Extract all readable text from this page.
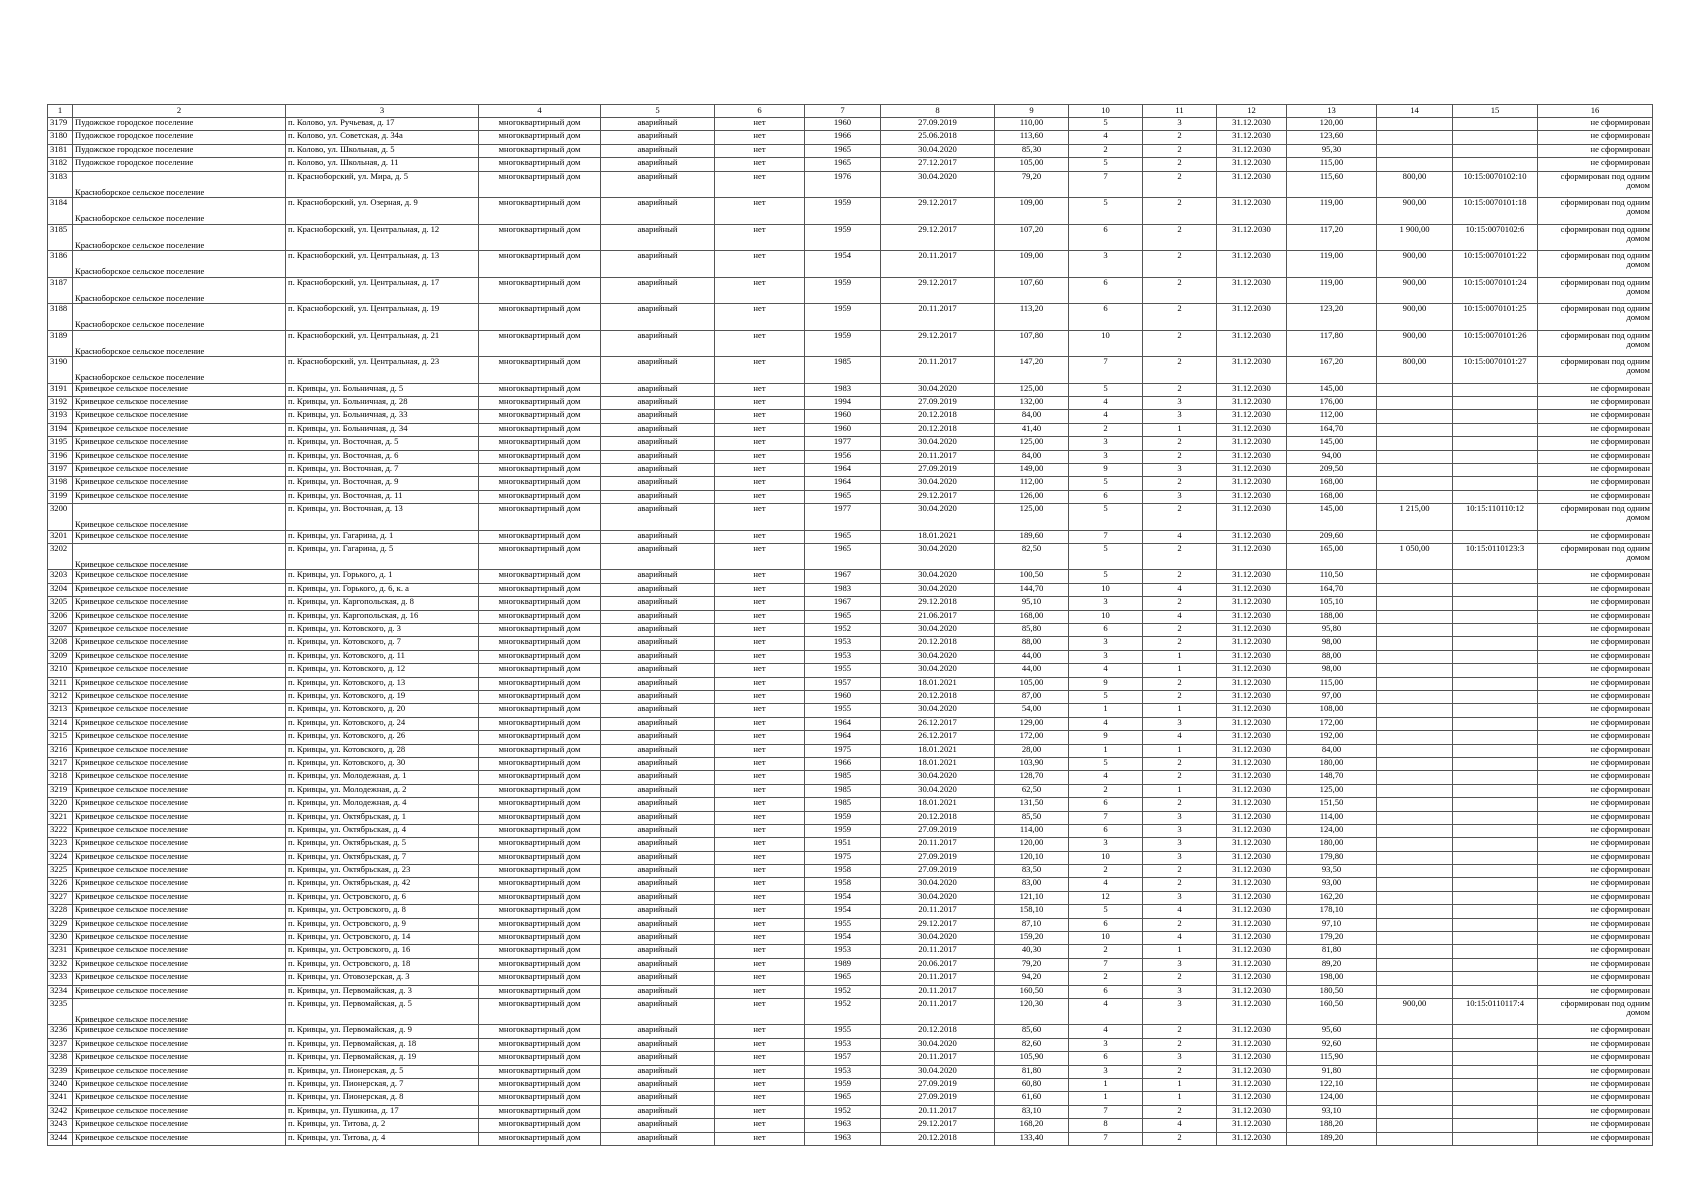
1	2	3	4	5	6	7	8	9	10	11	12	13	14	15	16
3179	Пудожское городское поселение	п. Колово, ул. Ручьевая, д. 17	многоквартирный дом	аварийный	нет	1960	27.09.2019	110,00	5	3	31.12.2030	120,00			не сформирован
3180	Пудожское городское поселение	п. Колово, ул. Советская, д. 34а	многоквартирный дом	аварийный	нет	1966	25.06.2018	113,60	4	2	31.12.2030	123,60			не сформирован
3181	Пудожское городское поселение	п. Колово, ул. Школьная, д. 5	многоквартирный дом	аварийный	нет	1965	30.04.2020	85,30	2	2	31.12.2030	95,30			не сформирован
3182	Пудожское городское поселение	п. Колово, ул. Школьная, д. 11	многоквартирный дом	аварийный	нет	1965	27.12.2017	105,00	5	2	31.12.2030	115,00			не сформирован
3183	Красноборское сельское поселение	п. Красноборский, ул. Мира, д. 5	многоквартирный дом	аварийный	нет	1976	30.04.2020	79,20	7	2	31.12.2030	115,60	800,00	10:15:0070102:10	сформирован под одним домом
3184	Красноборское сельское поселение	п. Красноборский, ул. Озерная, д. 9	многоквартирный дом	аварийный	нет	1959	29.12.2017	109,00	5	2	31.12.2030	119,00	900,00	10:15:0070101:18	сформирован под одним домом
3185	Красноборское сельское поселение	п. Красноборский, ул. Центральная, д. 12	многоквартирный дом	аварийный	нет	1959	29.12.2017	107,20	6	2	31.12.2030	117,20	1 900,00	10:15:0070102:6	сформирован под одним домом
3186	Красноборское сельское поселение	п. Красноборский, ул. Центральная, д. 13	многоквартирный дом	аварийный	нет	1954	20.11.2017	109,00	3	2	31.12.2030	119,00	900,00	10:15:0070101:22	сформирован под одним домом
3187	Красноборское сельское поселение	п. Красноборский, ул. Центральная, д. 17	многоквартирный дом	аварийный	нет	1959	29.12.2017	107,60	6	2	31.12.2030	119,00	900,00	10:15:0070101:24	сформирован под одним домом
3188	Красноборское сельское поселение	п. Красноборский, ул. Центральная, д. 19	многоквартирный дом	аварийный	нет	1959	20.11.2017	113,20	6	2	31.12.2030	123,20	900,00	10:15:0070101:25	сформирован под одним домом
3189	Красноборское сельское поселение	п. Красноборский, ул. Центральная, д. 21	многоквартирный дом	аварийный	нет	1959	29.12.2017	107,80	10	2	31.12.2030	117,80	900,00	10:15:0070101:26	сформирован под одним домом
3190	Красноборское сельское поселение	п. Красноборский, ул. Центральная, д. 23	многоквартирный дом	аварийный	нет	1985	20.11.2017	147,20	7	2	31.12.2030	167,20	800,00	10:15:0070101:27	сформирован под одним домом
3191	Кривецкое сельское поселение	п. Кривцы, ул. Больничная, д. 5	многоквартирный дом	аварийный	нет	1983	30.04.2020	125,00	5	2	31.12.2030	145,00			не сформирован
3192	Кривецкое сельское поселение	п. Кривцы, ул. Больничная, д. 28	многоквартирный дом	аварийный	нет	1994	27.09.2019	132,00	4	3	31.12.2030	176,00			не сформирован
3193	Кривецкое сельское поселение	п. Кривцы, ул. Больничная, д. 33	многоквартирный дом	аварийный	нет	1960	20.12.2018	84,00	4	3	31.12.2030	112,00			не сформирован
3194	Кривецкое сельское поселение	п. Кривцы, ул. Больничная, д. 34	многоквартирный дом	аварийный	нет	1960	20.12.2018	41,40	2	1	31.12.2030	164,70			не сформирован
3195	Кривецкое сельское поселение	п. Кривцы, ул. Восточная, д. 5	многоквартирный дом	аварийный	нет	1977	30.04.2020	125,00	3	2	31.12.2030	145,00			не сформирован
3196	Кривецкое сельское поселение	п. Кривцы, ул. Восточная, д. 6	многоквартирный дом	аварийный	нет	1956	20.11.2017	84,00	3	2	31.12.2030	94,00			не сформирован
3197	Кривецкое сельское поселение	п. Кривцы, ул. Восточная, д. 7	многоквартирный дом	аварийный	нет	1964	27.09.2019	149,00	9	3	31.12.2030	209,50			не сформирован
3198	Кривецкое сельское поселение	п. Кривцы, ул. Восточная, д. 9	многоквартирный дом	аварийный	нет	1964	30.04.2020	112,00	5	2	31.12.2030	168,00			не сформирован
3199	Кривецкое сельское поселение	п. Кривцы, ул. Восточная, д. 11	многоквартирный дом	аварийный	нет	1965	29.12.2017	126,00	6	3	31.12.2030	168,00			не сформирован
3200	Кривецкое сельское поселение	п. Кривцы, ул. Восточная, д. 13	многоквартирный дом	аварийный	нет	1977	30.04.2020	125,00	5	2	31.12.2030	145,00	1 215,00	10:15:110110:12	сформирован под одним домом
3201	Кривецкое сельское поселение	п. Кривцы, ул. Гагарина, д. 1	многоквартирный дом	аварийный	нет	1965	18.01.2021	189,60	7	4	31.12.2030	209,60			не сформирован
3202	Кривецкое сельское поселение	п. Кривцы, ул. Гагарина, д. 5	многоквартирный дом	аварийный	нет	1965	30.04.2020	82,50	5	2	31.12.2030	165,00	1 050,00	10:15:0110123:3	сформирован под одним домом
3203	Кривецкое сельское поселение	п. Кривцы, ул. Горького, д. 1	многоквартирный дом	аварийный	нет	1967	30.04.2020	100,50	5	2	31.12.2030	110,50			не сформирован
3204	Кривецкое сельское поселение	п. Кривцы, ул. Горького, д. 6, к. а	многоквартирный дом	аварийный	нет	1983	30.04.2020	144,70	10	4	31.12.2030	164,70			не сформирован
3205	Кривецкое сельское поселение	п. Кривцы, ул. Каргопольская, д. 8	многоквартирный дом	аварийный	нет	1967	29.12.2018	95,10	3	2	31.12.2030	105,10			не сформирован
3206	Кривецкое сельское поселение	п. Кривцы, ул. Каргопольская, д. 16	многоквартирный дом	аварийный	нет	1965	21.06.2017	168,00	10	4	31.12.2030	188,00			не сформирован
3207	Кривецкое сельское поселение	п. Кривцы, ул. Котовского, д. 3	многоквартирный дом	аварийный	нет	1952	30.04.2020	85,80	6	2	31.12.2030	95,80			не сформирован
3208	Кривецкое сельское поселение	п. Кривцы, ул. Котовского, д. 7	многоквартирный дом	аварийный	нет	1953	20.12.2018	88,00	3	2	31.12.2030	98,00			не сформирован
3209	Кривецкое сельское поселение	п. Кривцы, ул. Котовского, д. 11	многоквартирный дом	аварийный	нет	1953	30.04.2020	44,00	3	1	31.12.2030	88,00			не сформирован
3210	Кривецкое сельское поселение	п. Кривцы, ул. Котовского, д. 12	многоквартирный дом	аварийный	нет	1955	30.04.2020	44,00	4	1	31.12.2030	98,00			не сформирован
3211	Кривецкое сельское поселение	п. Кривцы, ул. Котовского, д. 13	многоквартирный дом	аварийный	нет	1957	18.01.2021	105,00	9	2	31.12.2030	115,00			не сформирован
3212	Кривецкое сельское поселение	п. Кривцы, ул. Котовского, д. 19	многоквартирный дом	аварийный	нет	1960	20.12.2018	87,00	5	2	31.12.2030	97,00			не сформирован
3213	Кривецкое сельское поселение	п. Кривцы, ул. Котовского, д. 20	многоквартирный дом	аварийный	нет	1955	30.04.2020	54,00	1	1	31.12.2030	108,00			не сформирован
3214	Кривецкое сельское поселение	п. Кривцы, ул. Котовского, д. 24	многоквартирный дом	аварийный	нет	1964	26.12.2017	129,00	4	3	31.12.2030	172,00			не сформирован
3215	Кривецкое сельское поселение	п. Кривцы, ул. Котовского, д. 26	многоквартирный дом	аварийный	нет	1964	26.12.2017	172,00	9	4	31.12.2030	192,00			не сформирован
3216	Кривецкое сельское поселение	п. Кривцы, ул. Котовского, д. 28	многоквартирный дом	аварийный	нет	1975	18.01.2021	28,00	1	1	31.12.2030	84,00			не сформирован
3217	Кривецкое сельское поселение	п. Кривцы, ул. Котовского, д. 30	многоквартирный дом	аварийный	нет	1966	18.01.2021	103,90	5	2	31.12.2030	180,00			не сформирован
3218	Кривецкое сельское поселение	п. Кривцы, ул. Молодежная, д. 1	многоквартирный дом	аварийный	нет	1985	30.04.2020	128,70	4	2	31.12.2030	148,70			не сформирован
3219	Кривецкое сельское поселение	п. Кривцы, ул. Молодежная, д. 2	многоквартирный дом	аварийный	нет	1985	30.04.2020	62,50	2	1	31.12.2030	125,00			не сформирован
3220	Кривецкое сельское поселение	п. Кривцы, ул. Молодежная, д. 4	многоквартирный дом	аварийный	нет	1985	18.01.2021	131,50	6	2	31.12.2030	151,50			не сформирован
3221	Кривецкое сельское поселение	п. Кривцы, ул. Октябрьская, д. 1	многоквартирный дом	аварийный	нет	1959	20.12.2018	85,50	7	3	31.12.2030	114,00			не сформирован
3222	Кривецкое сельское поселение	п. Кривцы, ул. Октябрьская, д. 4	многоквартирный дом	аварийный	нет	1959	27.09.2019	114,00	6	3	31.12.2030	124,00			не сформирован
3223	Кривецкое сельское поселение	п. Кривцы, ул. Октябрьская, д. 5	многоквартирный дом	аварийный	нет	1951	20.11.2017	120,00	3	3	31.12.2030	180,00			не сформирован
3224	Кривецкое сельское поселение	п. Кривцы, ул. Октябрьская, д. 7	многоквартирный дом	аварийный	нет	1975	27.09.2019	120,10	10	3	31.12.2030	179,80			не сформирован
3225	Кривецкое сельское поселение	п. Кривцы, ул. Октябрьская, д. 23	многоквартирный дом	аварийный	нет	1958	27.09.2019	83,50	2	2	31.12.2030	93,50			не сформирован
3226	Кривецкое сельское поселение	п. Кривцы, ул. Октябрьская, д. 42	многоквартирный дом	аварийный	нет	1958	30.04.2020	83,00	4	2	31.12.2030	93,00			не сформирован
3227	Кривецкое сельское поселение	п. Кривцы, ул. Островского, д. 6	многоквартирный дом	аварийный	нет	1954	30.04.2020	121,10	12	3	31.12.2030	162,20			не сформирован
3228	Кривецкое сельское поселение	п. Кривцы, ул. Островского, д. 8	многоквартирный дом	аварийный	нет	1954	20.11.2017	158,10	5	4	31.12.2030	178,10			не сформирован
3229	Кривецкое сельское поселение	п. Кривцы, ул. Островского, д. 9	многоквартирный дом	аварийный	нет	1955	29.12.2017	87,10	6	2	31.12.2030	97,10			не сформирован
3230	Кривецкое сельское поселение	п. Кривцы, ул. Островского, д. 14	многоквартирный дом	аварийный	нет	1954	30.04.2020	159,20	10	4	31.12.2030	179,20			не сформирован
3231	Кривецкое сельское поселение	п. Кривцы, ул. Островского, д. 16	многоквартирный дом	аварийный	нет	1953	20.11.2017	40,30	2	1	31.12.2030	81,80			не сформирован
3232	Кривецкое сельское поселение	п. Кривцы, ул. Островского, д. 18	многоквартирный дом	аварийный	нет	1989	20.06.2017	79,20	7	3	31.12.2030	89,20			не сформирован
3233	Кривецкое сельское поселение	п. Кривцы, ул. Отовозерская, д. 3	многоквартирный дом	аварийный	нет	1965	20.11.2017	94,20	2	2	31.12.2030	198,00			не сформирован
3234	Кривецкое сельское поселение	п. Кривцы, ул. Первомайская, д. 3	многоквартирный дом	аварийный	нет	1952	20.11.2017	160,50	6	3	31.12.2030	180,50			не сформирован
3235	Кривецкое сельское поселение	п. Кривцы, ул. Первомайская, д. 5	многоквартирный дом	аварийный	нет	1952	20.11.2017	120,30	4	3	31.12.2030	160,50	900,00	10:15:0110117:4	сформирован под одним домом
3236	Кривецкое сельское поселение	п. Кривцы, ул. Первомайская, д. 9	многоквартирный дом	аварийный	нет	1955	20.12.2018	85,60	4	2	31.12.2030	95,60			не сформирован
3237	Кривецкое сельское поселение	п. Кривцы, ул. Первомайская, д. 18	многоквартирный дом	аварийный	нет	1953	30.04.2020	82,60	3	2	31.12.2030	92,60			не сформирован
3238	Кривецкое сельское поселение	п. Кривцы, ул. Первомайская, д. 19	многоквартирный дом	аварийный	нет	1957	20.11.2017	105,90	6	3	31.12.2030	115,90			не сформирован
3239	Кривецкое сельское поселение	п. Кривцы, ул. Пионерская, д. 5	многоквартирный дом	аварийный	нет	1953	30.04.2020	81,80	3	2	31.12.2030	91,80			не сформирован
3240	Кривецкое сельское поселение	п. Кривцы, ул. Пионерская, д. 7	многоквартирный дом	аварийный	нет	1959	27.09.2019	60,80	1	1	31.12.2030	122,10			не сформирован
3241	Кривецкое сельское поселение	п. Кривцы, ул. Пионерская, д. 8	многоквартирный дом	аварийный	нет	1965	27.09.2019	61,60	1	1	31.12.2030	124,00			не сформирован
3242	Кривецкое сельское поселение	п. Кривцы, ул. Пушкина, д. 17	многоквартирный дом	аварийный	нет	1952	20.11.2017	83,10	7	2	31.12.2030	93,10			не сформирован
3243	Кривецкое сельское поселение	п. Кривцы, ул. Титова, д. 2	многоквартирный дом	аварийный	нет	1963	29.12.2017	168,20	8	4	31.12.2030	188,20			не сформирован
3244	Кривецкое сельское поселение	п. Кривцы, ул. Титова, д. 4	многоквартирный дом	аварийный	нет	1963	20.12.2018	133,40	7	2	31.12.2030	189,20			не сформирован
